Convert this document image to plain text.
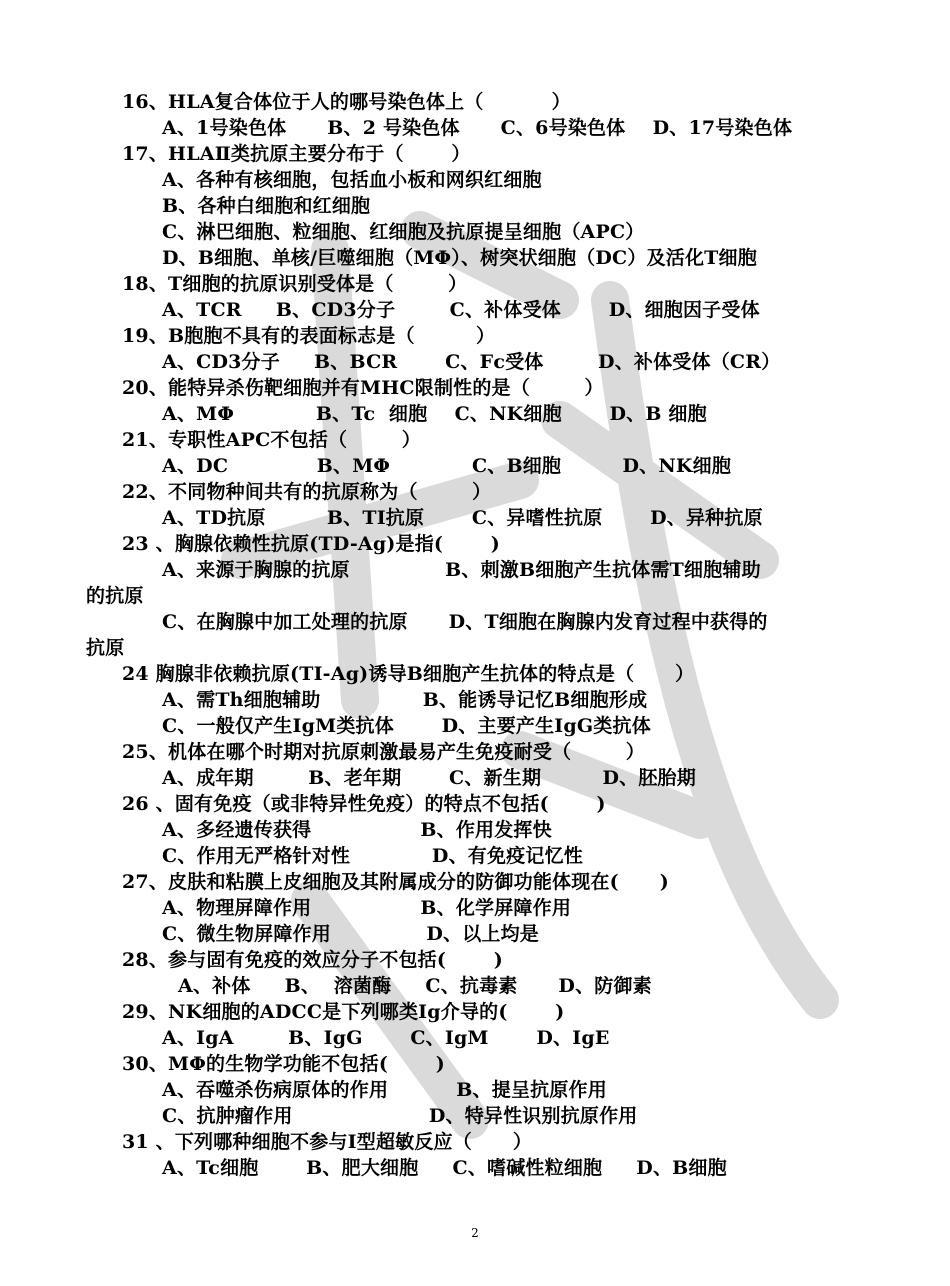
16、HLA复合体位于人的哪号染色体上（          ）
A、1号染色体      B、2 号染色体      C、6号染色体    D、17号染色体
17、HLAⅡ类抗原主要分布于（       ）
A、各种有核细胞，包括血小板和网织红细胞
B、各种白细胞和红细胞
C、淋巴细胞、粒细胞、红细胞及抗原提呈细胞（APC）
D、B细胞、单核/巨噬细胞（MΦ）、树突状细胞（DC）及活化T细胞
18、T细胞的抗原识别受体是（        ）
A、TCR     B、CD3分子        C、补体受体       D、细胞因子受体
19、B胞胞不具有的表面标志是（         ）
A、CD3分子     B、BCR       C、Fc受体        D、补体受体（CR）
20、能特异杀伤靶细胞并有MHC限制性的是（        ）
A、MΦ            B、Tc  细胞    C、NK细胞       D、B 细胞
21、专职性APC不包括（        ）
A、DC             B、MΦ            C、B细胞         D、NK细胞
22、不同物种间共有的抗原称为（        ）
A、TD抗原         B、TI抗原       C、异嗜性抗原       D、异种抗原
23 、胸腺依赖性抗原(TD-Ag)是指(       )
A、来源于胸腺的抗原              B、刺激B细胞产生抗体需T细胞辅助
的抗原
C、在胸腺中加工处理的抗原      D、T细胞在胸腺内发育过程中获得的
抗原
24 胸腺非依赖抗原(TI-Ag)诱导B细胞产生抗体的特点是（      ）
A、需Th细胞辅助               B、能诱导记忆B细胞形成
C、一般仅产生IgM类抗体       D、主要产生IgG类抗体
25、机体在哪个时期对抗原刺激最易产生免疫耐受（        ）
A、成年期        B、老年期       C、新生期         D、胚胎期
26 、固有免疫（或非特异性免疫）的特点不包括(       )
A、多经遗传获得                B、作用发挥快
C、作用无严格针对性            D、有免疫记忆性
27、皮肤和粘膜上皮细胞及其附属成分的防御功能体现在(      )
A、物理屏障作用                B、化学屏障作用
C、微生物屏障作用              D、以上均是
28、参与固有免疫的效应分子不包括(       )
A、补体     B、  溶菌酶     C、抗毒素      D、防御素
29、NK细胞的ADCC是下列哪类Ig介导的(       )
A、IgA        B、IgG       C、IgM       D、IgE
30、MΦ的生物学功能不包括(       )
A、吞噬杀伤病原体的作用          B、提呈抗原作用
C、抗肿瘤作用                    D、特异性识别抗原作用
31 、下列哪种细胞不参与I型超敏反应（      ）
A、Tc细胞       B、肥大细胞     C、嗜碱性粒细胞     D、B细胞
2
